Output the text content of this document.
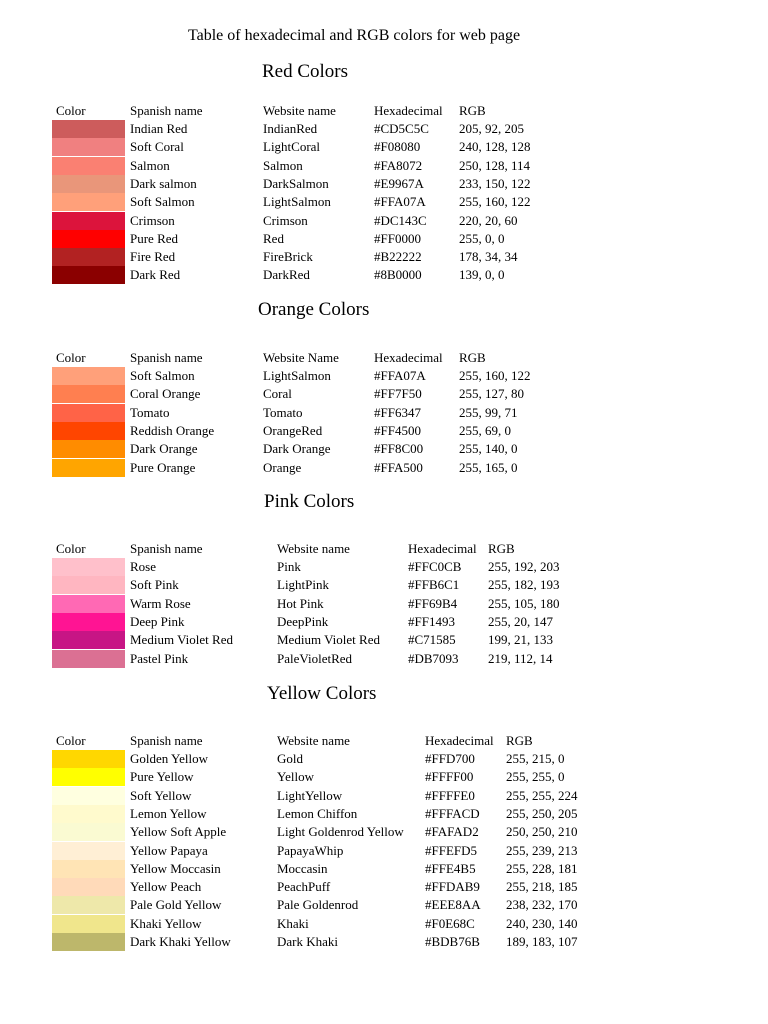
Table of hexadecimal and RGB colors for web page
Red Colors
Color	Spanish name	Website name	Hexadecimal RGB
Indian Red	IndianRed	#CD5C5C 205, 92, 205
Soft Coral	LightCoral	#F08080	240, 128, 128
Salmon	Salmon	#FA8072	250, 128, 114
Dark salmon	DarkSalmon	#E9967A	233, 150, 122
Soft Salmon	LightSalmon	#FFA07A	255, 160, 122
Crimson	Crimson	#DC143C 220, 20, 60
Pure Red	Red	#FF0000	255, 0, 0
Fire Red	FireBrick	#B22222	178, 34, 34
Dark Red	DarkRed	#8B0000	139, 0, 0
Orange Colors
Color	Spanish name	Website Name	Hexadecimal RGB
Soft Salmon	LightSalmon	#FFA07A	255, 160, 122
Coral Orange	Coral	#FF7F50	255, 127, 80
Tomato	Tomato	#FF6347	255, 99, 71
Reddish Orange	OrangeRed	#FF4500	255, 69, 0
Dark Orange	Dark Orange	#FF8C00	255, 140, 0
Pure Orange	Orange	#FFA500	255, 165, 0
Pink Colors
Color	Spanish name	Website name	Hexadecimal RGB
Rose	Pink	#FFC0CB 255, 192, 203
Soft Pink	LightPink	#FFB6C1 255, 182, 193
Warm Rose	Hot Pink	#FF69B4 255, 105, 180
Deep Pink	DeepPink	#FF1493	255, 20, 147
Medium Violet Red	Medium Violet Red #C71585 199, 21, 133
Pastel Pink	PaleVioletRed	#DB7093 219, 112, 14
Yellow Colors
Color	Spanish name	Website name	Hexadecimal RGB
Golden Yellow	Gold	#FFD700 255, 215, 0
Pure Yellow	Yellow	#FFFF00	255, 255, 0
Soft Yellow	LightYellow	#FFFFE0 255, 255, 224
Lemon Yellow	Lemon Chiffon	#FFFACD 255, 250, 205
Yellow Soft Apple	Light Goldenrod Yellow #FAFAD2 250, 250, 210
Yellow Papaya	PapayaWhip	#FFEFD5 255, 239, 213
Yellow Moccasin	Moccasin	#FFE4B5 255, 228, 181
Yellow Peach	PeachPuff	#FFDAB9 255, 218, 185
Pale Gold Yellow	Pale Goldenrod	#EEE8AA 238, 232, 170
Khaki Yellow	Khaki	#F0E68C 240, 230, 140
Dark Khaki Yellow	Dark Khaki	#BDB76B 189, 183, 107
